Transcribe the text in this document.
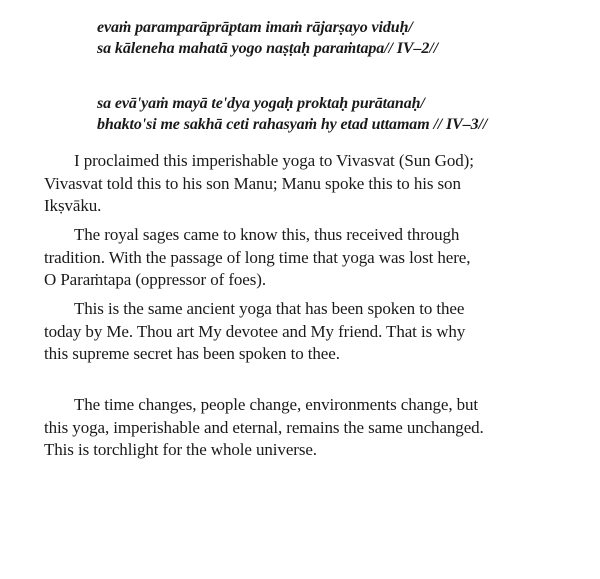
evaṁ paramparāprāptam imaṁ rājarṣayo viduḥ/
sa kāleneha mahatā yogo naṣṭaḥ paraṁtapa// IV–2//
sa evā'yaṁ mayā te'dya yogaḥ proktaḥ purātanaḥ/
bhakto'si me sakhā ceti rahasyaṁ hy etad uttamam // IV–3//
I proclaimed this imperishable yoga to Vivasvat (Sun God);
Vivasvat told this to his son Manu; Manu spoke this to his son
Ikṣvāku.
The royal sages came to know this, thus received through
tradition. With the passage of long time that yoga was lost here,
O Paraṁtapa (oppressor of foes).
This is the same ancient yoga that has been spoken to thee
today by Me. Thou art My devotee and My friend. That is why
this supreme secret has been spoken to thee.
The time changes, people change, environments change, but
this yoga, imperishable and eternal, remains the same unchanged.
This is torchlight for the whole universe.
